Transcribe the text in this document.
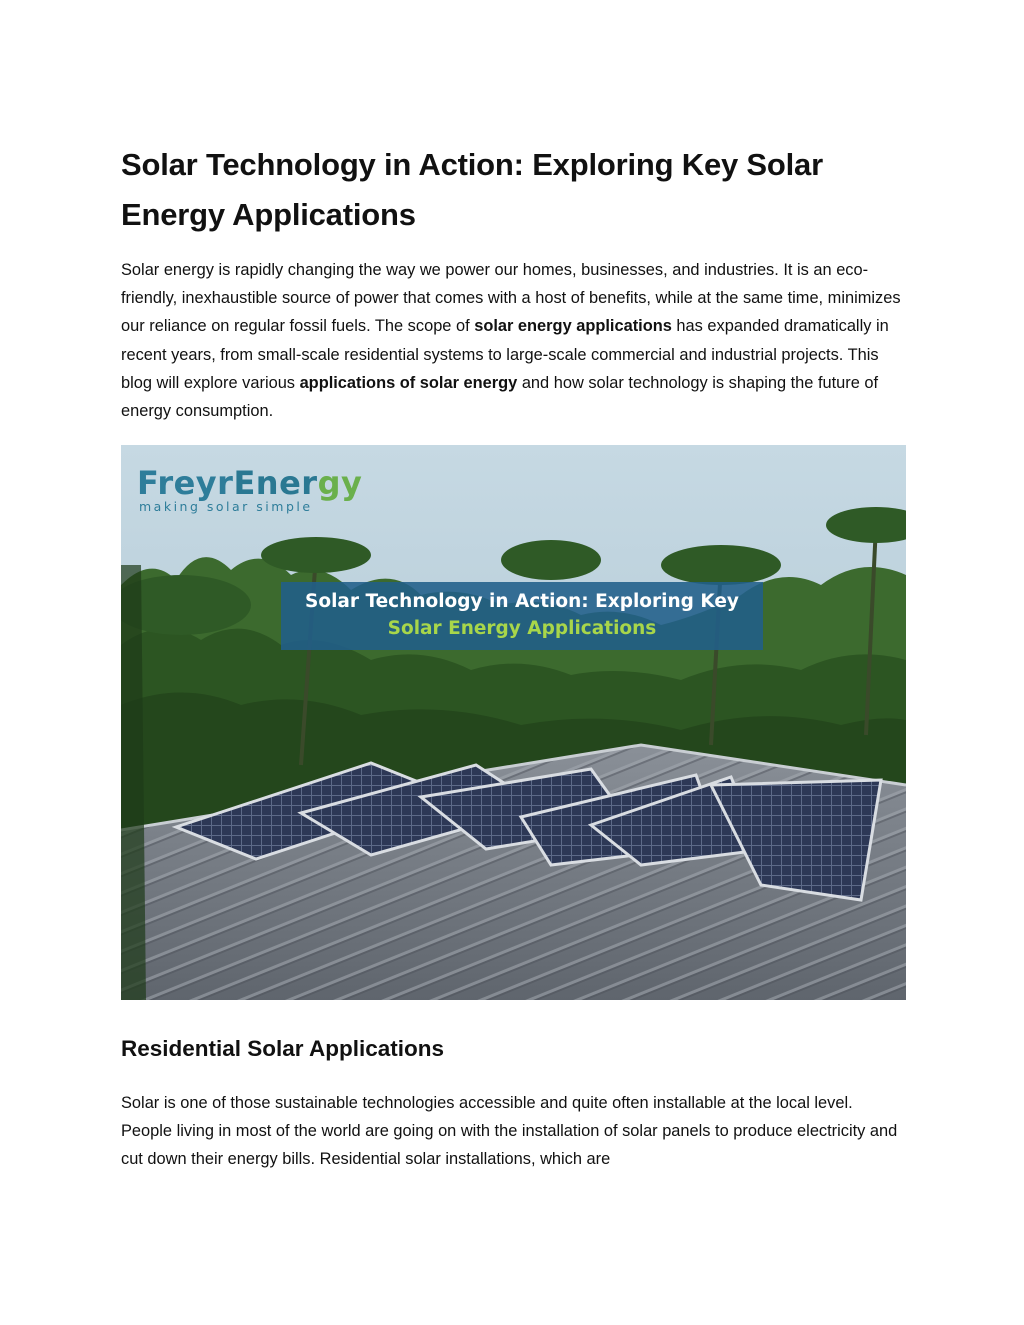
Solar Technology in Action: Exploring Key Solar Energy Applications

Solar energy is rapidly changing the way we power our homes, businesses, and industries. It is an eco-friendly, inexhaustible source of power that comes with a host of benefits, while at the same time, minimizes our reliance on regular fossil fuels. The scope of solar energy applications has expanded dramatically in recent years, from small-scale residential systems to large-scale commercial and industrial projects. This blog will explore various applications of solar energy and how solar technology is shaping the future of energy consumption.

FreyrEnergy
making solar simple
Solar Technology in Action: Exploring Key
Solar Energy Applications
Residential Solar Applications

Solar is one of those sustainable technologies accessible and quite often installable at the local level. People living in most of the world are going on with the installation of solar panels to produce electricity and cut down their energy bills. Residential solar installations, which are
